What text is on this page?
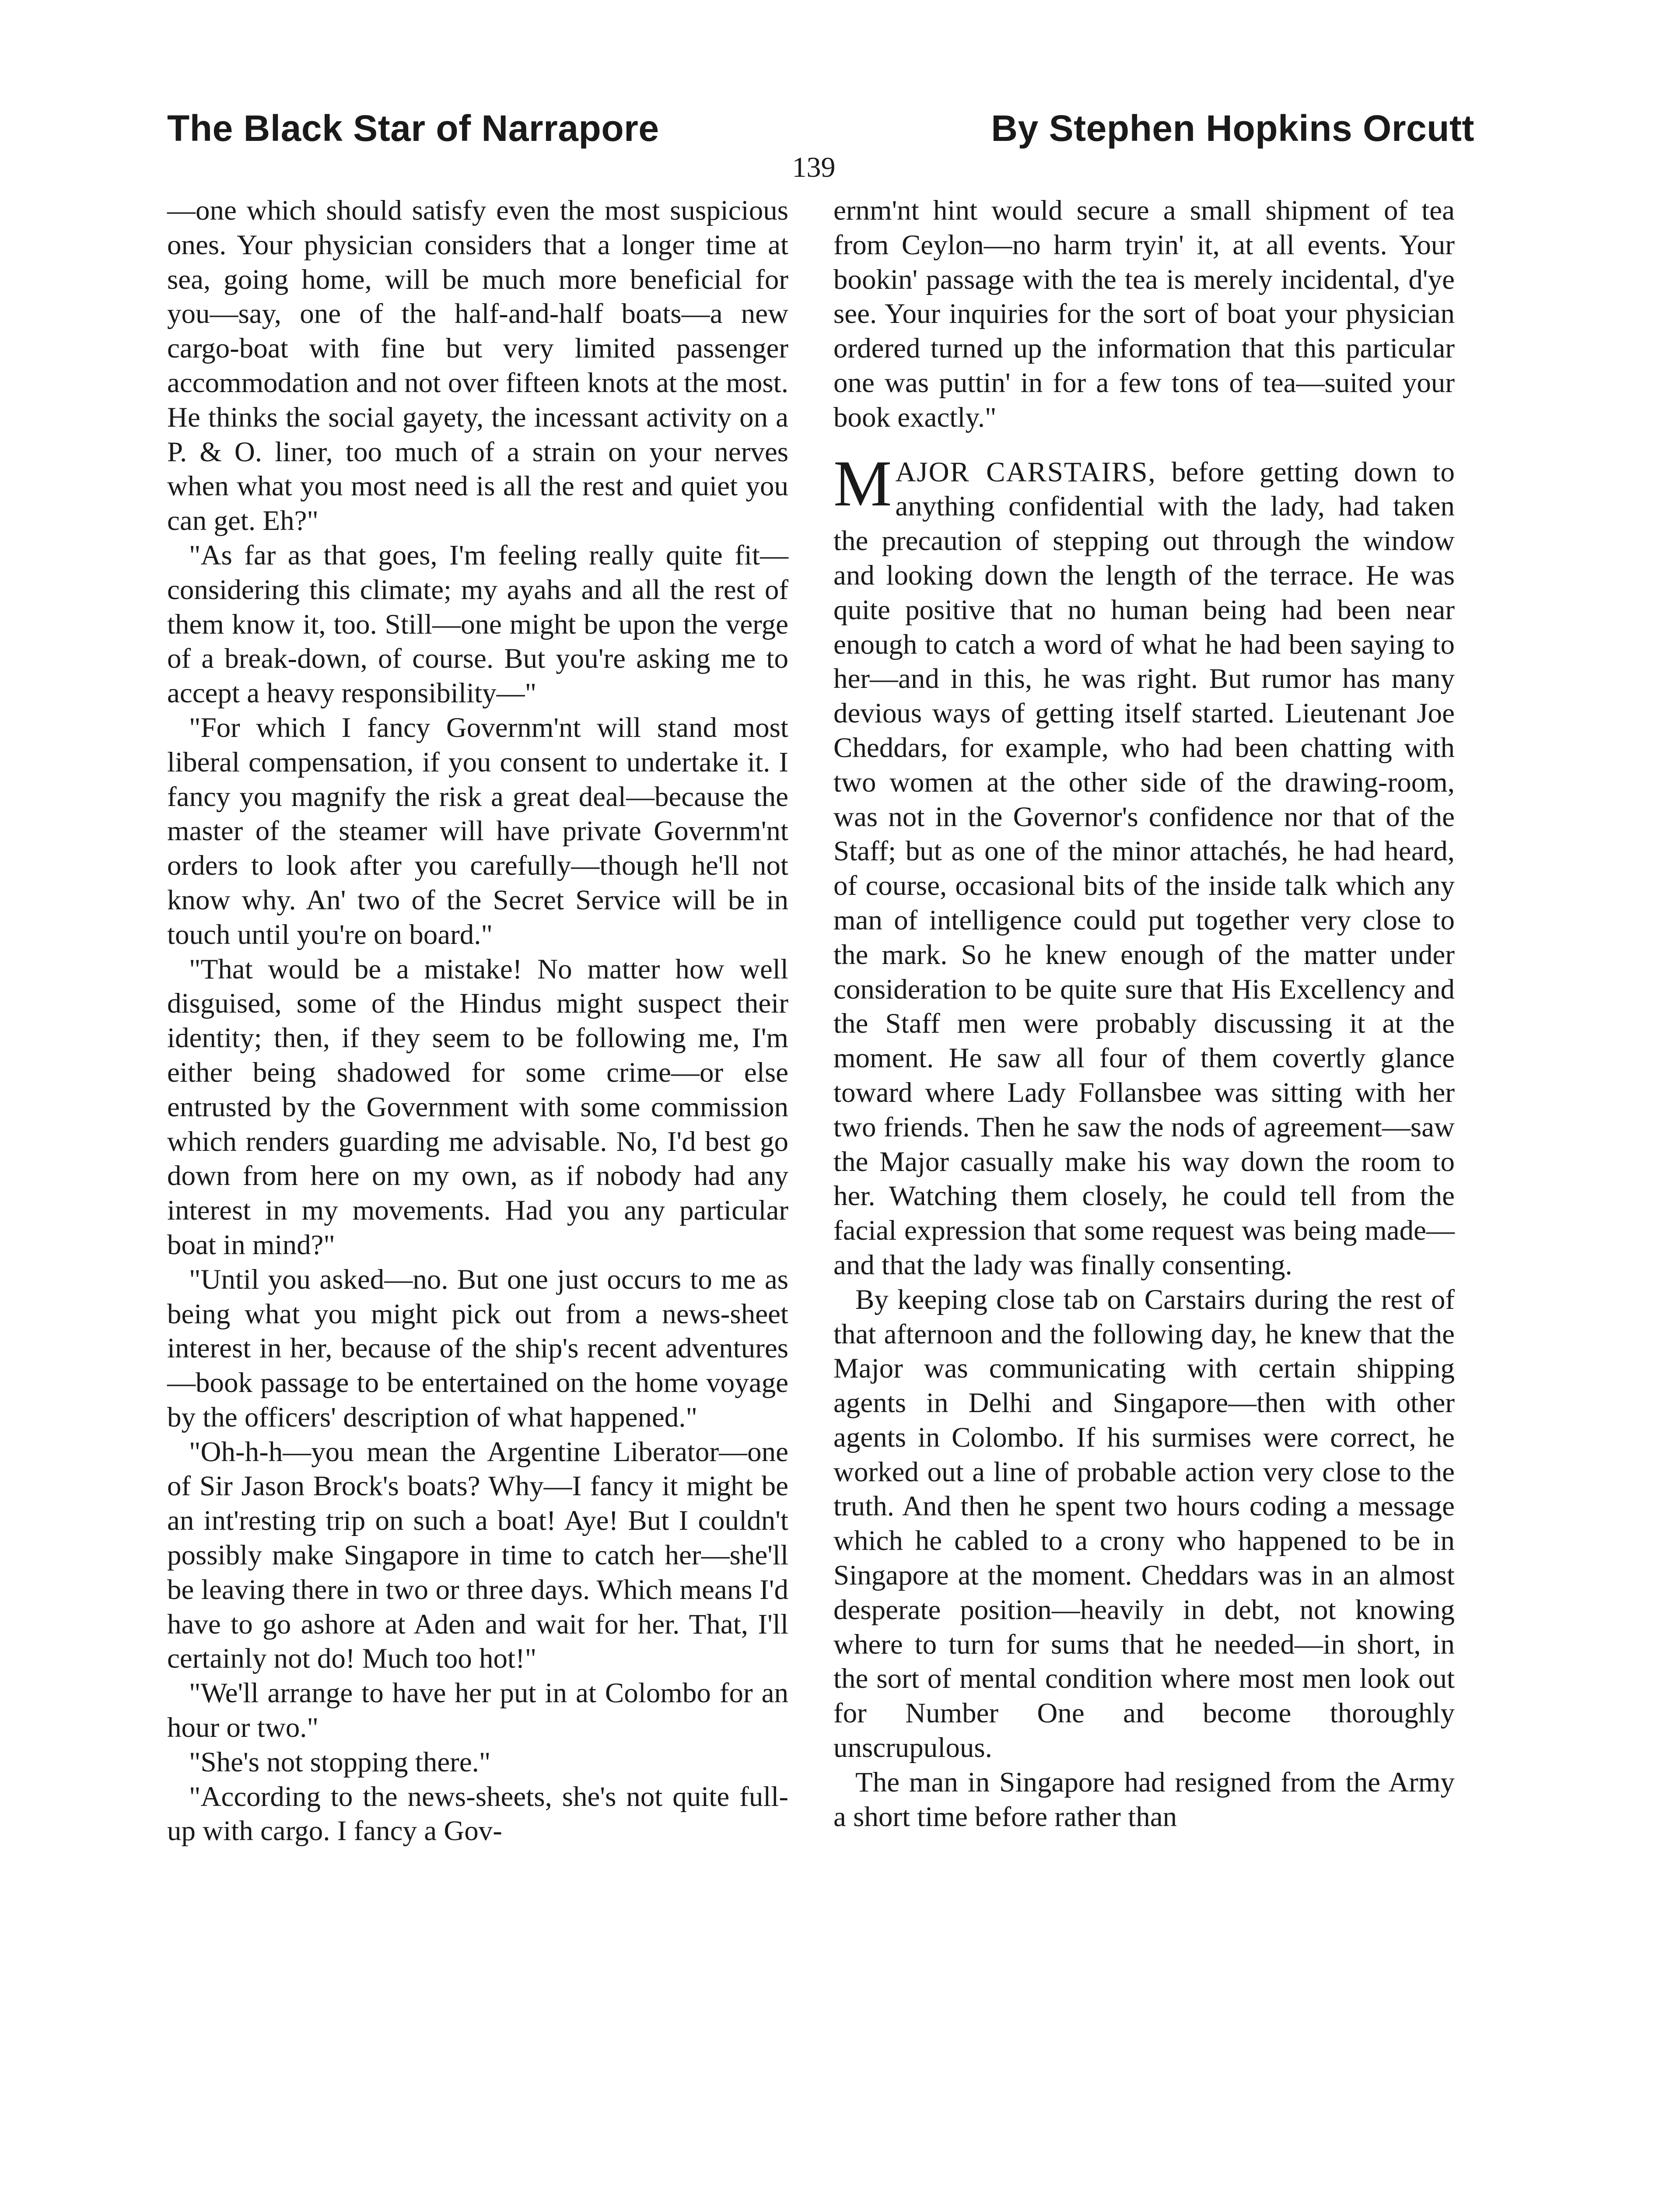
The Black Star of Narrapore	By Stephen Hopkins Orcutt
139

—one which should satisfy even the most suspicious ones. Your physician considers that a longer time at sea, going home, will be much more beneficial for you—say, one of the half-and-half boats—a new cargo-boat with fine but very limited passenger accommodation and not over fifteen knots at the most. He thinks the social gayety, the incessant activity on a P. & O. liner, too much of a strain on your nerves when what you most need is all the rest and quiet you can get. Eh?"

"As far as that goes, I'm feeling really quite fit—considering this climate; my ayahs and all the rest of them know it, too. Still—one might be upon the verge of a break-down, of course. But you're asking me to accept a heavy responsibility—"

"For which I fancy Governm'nt will stand most liberal compensation, if you consent to undertake it. I fancy you magnify the risk a great deal—because the master of the steamer will have private Governm'nt orders to look after you carefully—though he'll not know why. An' two of the Secret Service will be in touch until you're on board."

"That would be a mistake! No matter how well disguised, some of the Hindus might suspect their identity; then, if they seem to be following me, I'm either being shadowed for some crime—or else entrusted by the Government with some commission which renders guarding me advisable. No, I'd best go down from here on my own, as if nobody had any interest in my movements. Had you any particular boat in mind?"

"Until you asked—no. But one just occurs to me as being what you might pick out from a news-sheet interest in her, because of the ship's recent adventures—book passage to be entertained on the home voyage by the officers' description of what happened."

"Oh-h-h—you mean the Argentine Liberator—one of Sir Jason Brock's boats? Why—I fancy it might be an int'resting trip on such a boat! Aye! But I couldn't possibly make Singapore in time to catch her—she'll be leaving there in two or three days. Which means I'd have to go ashore at Aden and wait for her. That, I'll certainly not do! Much too hot!"

"We'll arrange to have her put in at Colombo for an hour or two."

"She's not stopping there."

"According to the news-sheets, she's not quite full-up with cargo. I fancy a Gov-

ernm'nt hint would secure a small shipment of tea from Ceylon—no harm tryin' it, at all events. Your bookin' passage with the tea is merely incidental, d'ye see. Your inquiries for the sort of boat your physician ordered turned up the information that this particular one was puttin' in for a few tons of tea—suited your book exactly."

MAJOR CARSTAIRS, before getting down to anything confidential with the lady, had taken the precaution of stepping out through the window and looking down the length of the terrace. He was quite positive that no human being had been near enough to catch a word of what he had been saying to her—and in this, he was right. But rumor has many devious ways of getting itself started. Lieutenant Joe Cheddars, for example, who had been chatting with two women at the other side of the drawing-room, was not in the Governor's confidence nor that of the Staff; but as one of the minor attachés, he had heard, of course, occasional bits of the inside talk which any man of intelligence could put together very close to the mark. So he knew enough of the matter under consideration to be quite sure that His Excellency and the Staff men were probably discussing it at the moment. He saw all four of them covertly glance toward where Lady Follansbee was sitting with her two friends. Then he saw the nods of agreement—saw the Major casually make his way down the room to her. Watching them closely, he could tell from the facial expression that some request was being made—and that the lady was finally consenting.

By keeping close tab on Carstairs during the rest of that afternoon and the following day, he knew that the Major was communicating with certain shipping agents in Delhi and Singapore—then with other agents in Colombo. If his surmises were correct, he worked out a line of probable action very close to the truth. And then he spent two hours coding a message which he cabled to a crony who happened to be in Singapore at the moment. Cheddars was in an almost desperate position—heavily in debt, not knowing where to turn for sums that he needed—in short, in the sort of mental condition where most men look out for Number One and become thoroughly unscrupulous.

The man in Singapore had resigned from the Army a short time before rather than
